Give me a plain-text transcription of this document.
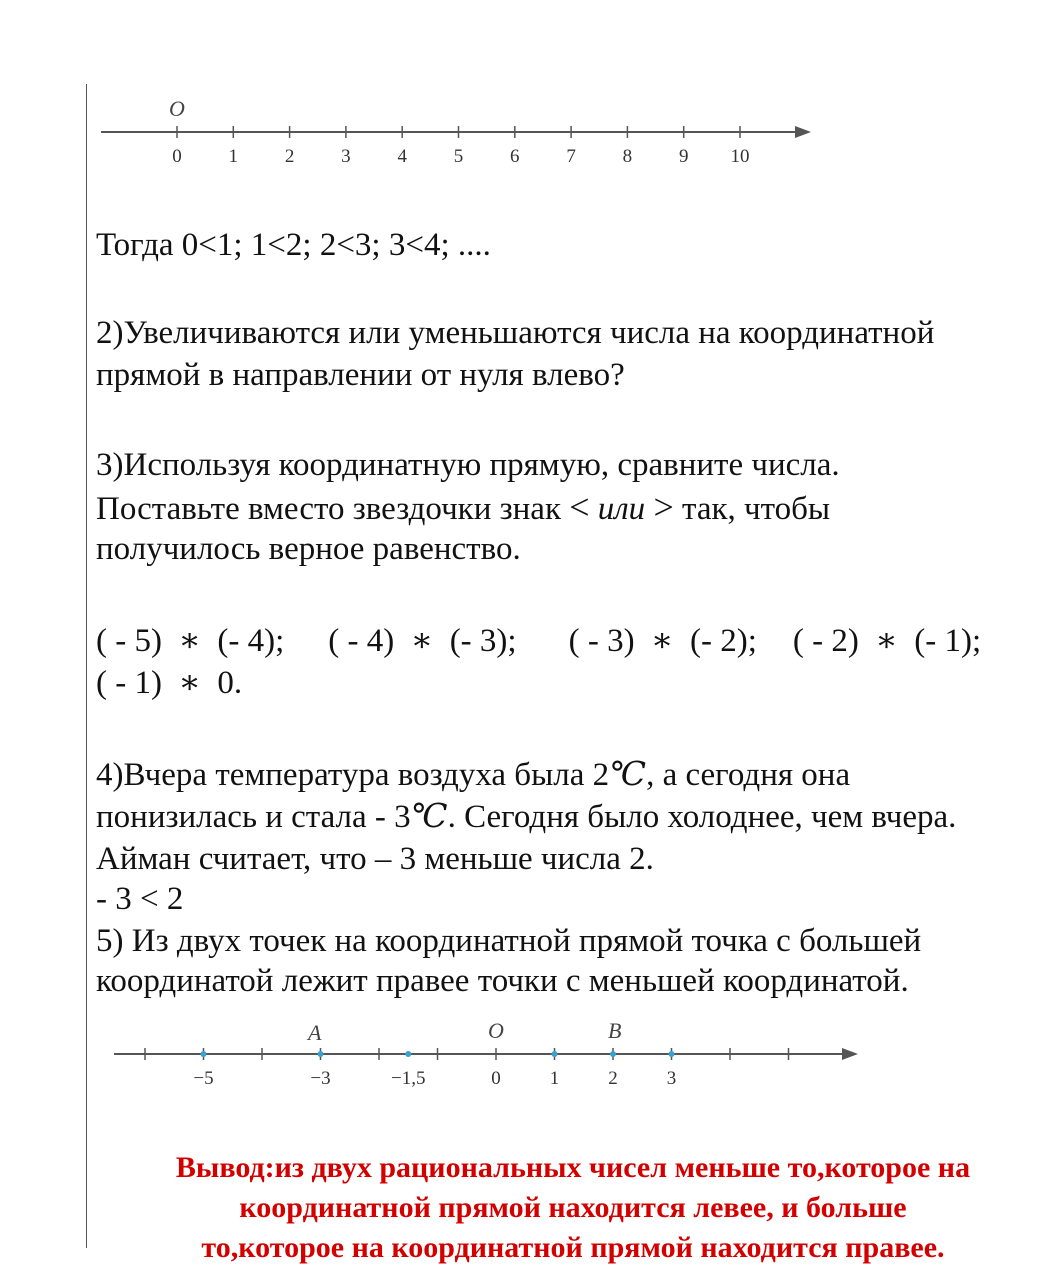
O
0 1 2 3 4 5 6 7 8 9 10

Тогда 0<1; 1<2; 2<3; 3<4; ....

2)Увеличиваются или уменьшаются числа на координатной

прямой в направлении от нуля влево?

3)Используя координатную прямую, сравните числа.

Поставьте вместо звездочки знак < или > так, чтобы

получилось верное равенство.

( - 5)  ∗  (- 4); ( - 4)  ∗  (- 3); ( - 3)  ∗  (- 2); ( - 2)  ∗  (- 1);
( - 1)  ∗  0.

4)Вчера температура воздуха была 2℃, а сегодня она

понизилась и стала - 3℃. Сегодня было холоднее, чем вчера.

Айман считает, что – 3 меньше числа 2.

- 3 < 2

5) Из двух точек на координатной прямой точка с большей

координатой лежит правее точки с меньшей координатой.

A	O	B
−5	−3	−1,5	0	1	2	3
Вывод:из двух рациональных чисел меньше то,которое на
координатной прямой находится левее, и больше
то,которое на координатной прямой находится правее.
